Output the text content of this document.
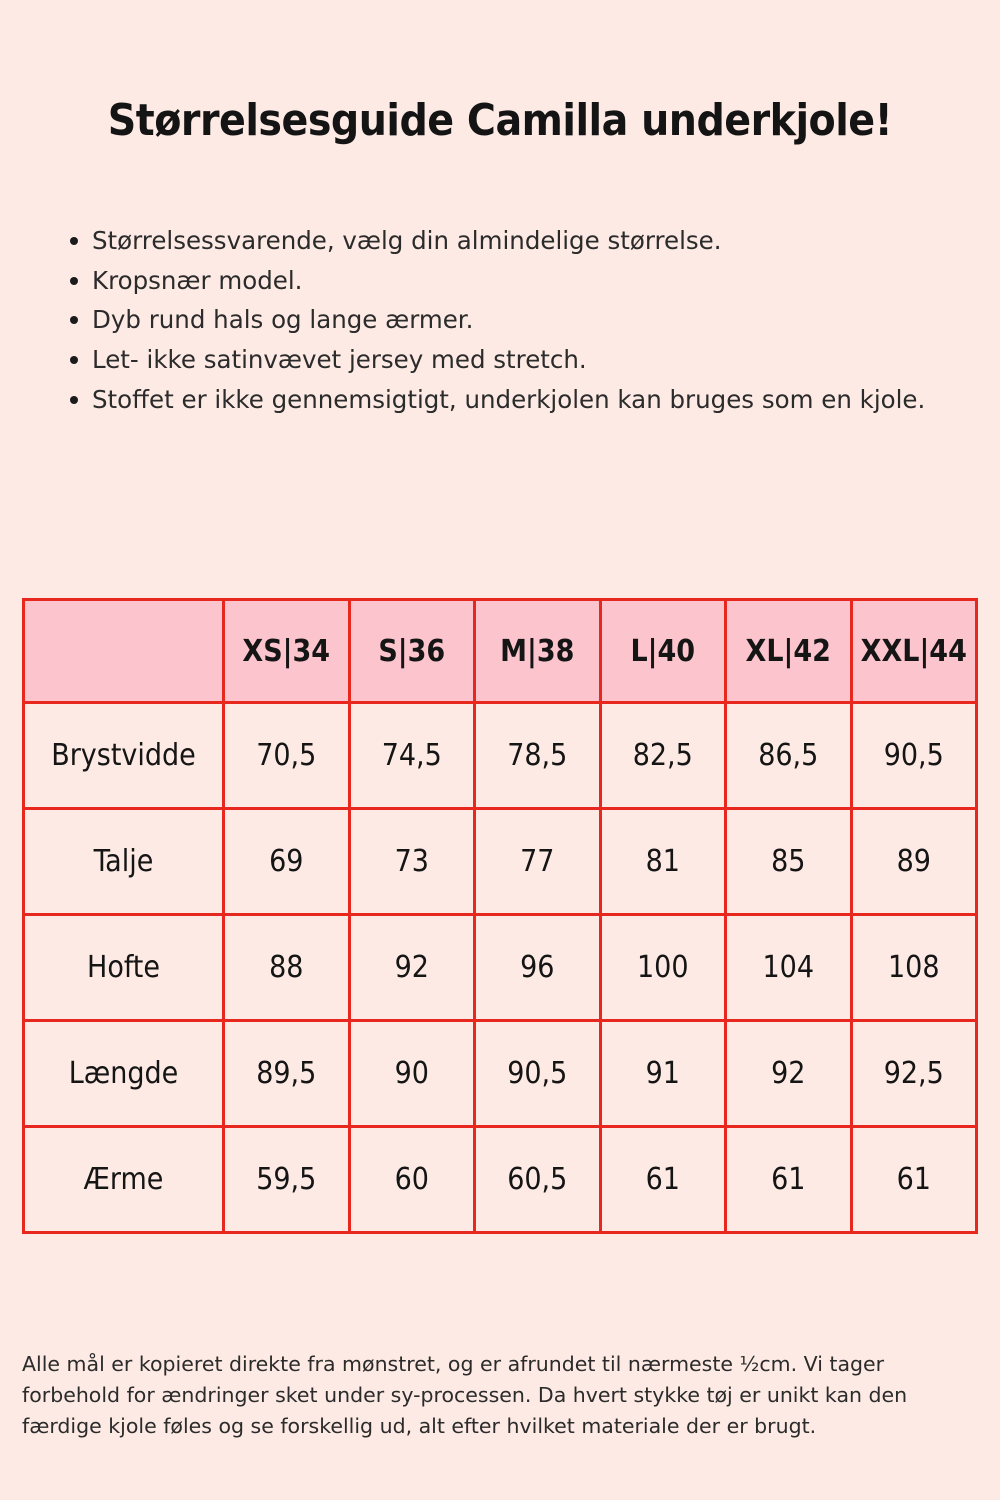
Størrelsesguide Camilla underkjole!
Størrelsessvarende, vælg din almindelige størrelse.
Kropsnær model.
Dyb rund hals og lange ærmer.
Let- ikke satinvævet jersey med stretch.
Stoffet er ikke gennemsigtigt, underkjolen kan bruges som en kjole.
	XS|34	S|36	M|38	L|40	XL|42	XXL|44
Brystvidde	70,5	74,5	78,5	82,5	86,5	90,5
Talje	69	73	77	81	85	89
Hofte	88	92	96	100	104	108
Længde	89,5	90	90,5	91	92	92,5
Ærme	59,5	60	60,5	61	61	61

Alle mål er kopieret direkte fra mønstret, og er afrundet til nærmeste ½cm. Vi tager forbehold for ændringer sket under sy-processen. Da hvert stykke tøj er unikt kan den færdige kjole føles og se forskellig ud, alt efter hvilket materiale der er brugt.
